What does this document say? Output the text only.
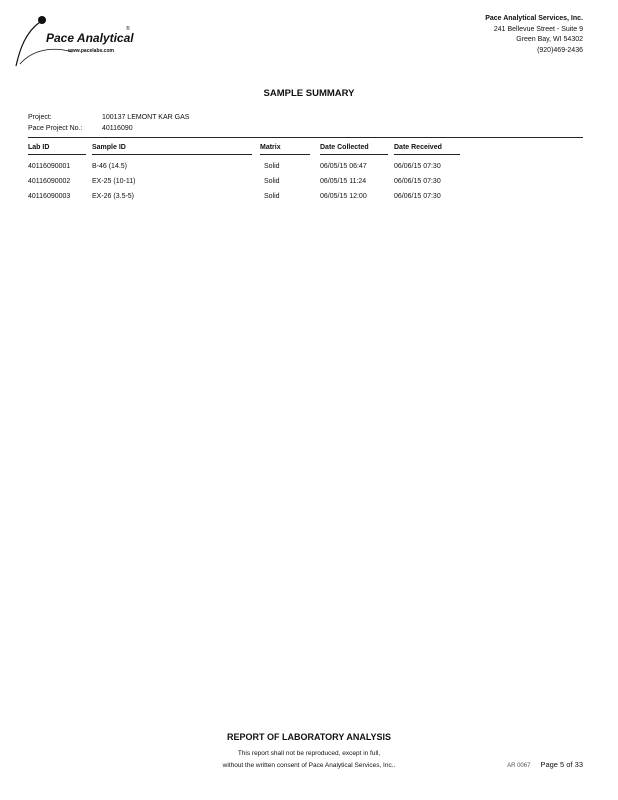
Pace Analytical
®
www.pacelabs.com
Pace Analytical Services, Inc.
241 Bellevue Street - Suite 9
Green Bay, WI 54302
(920)469-2436
SAMPLE SUMMARY
Project:	100137 LEMONT KAR GAS
Pace Project No.:	40116090
Lab ID	Sample ID	Matrix	Date Collected	Date Received
40116090001	B-46 (14.5)	Solid	06/05/15 06:47	06/06/15 07:30
40116090002	EX-25 (10-11)	Solid	06/05/15 11:24	06/06/15 07:30
40116090003	EX-26 (3.5-5)	Solid	06/05/15 12:00	06/06/15 07:30
REPORT OF LABORATORY ANALYSIS
This report shall not be reproduced, except in full,
without the written consent of Pace Analytical Services, Inc..	AR 0067 Page 5 of 33
